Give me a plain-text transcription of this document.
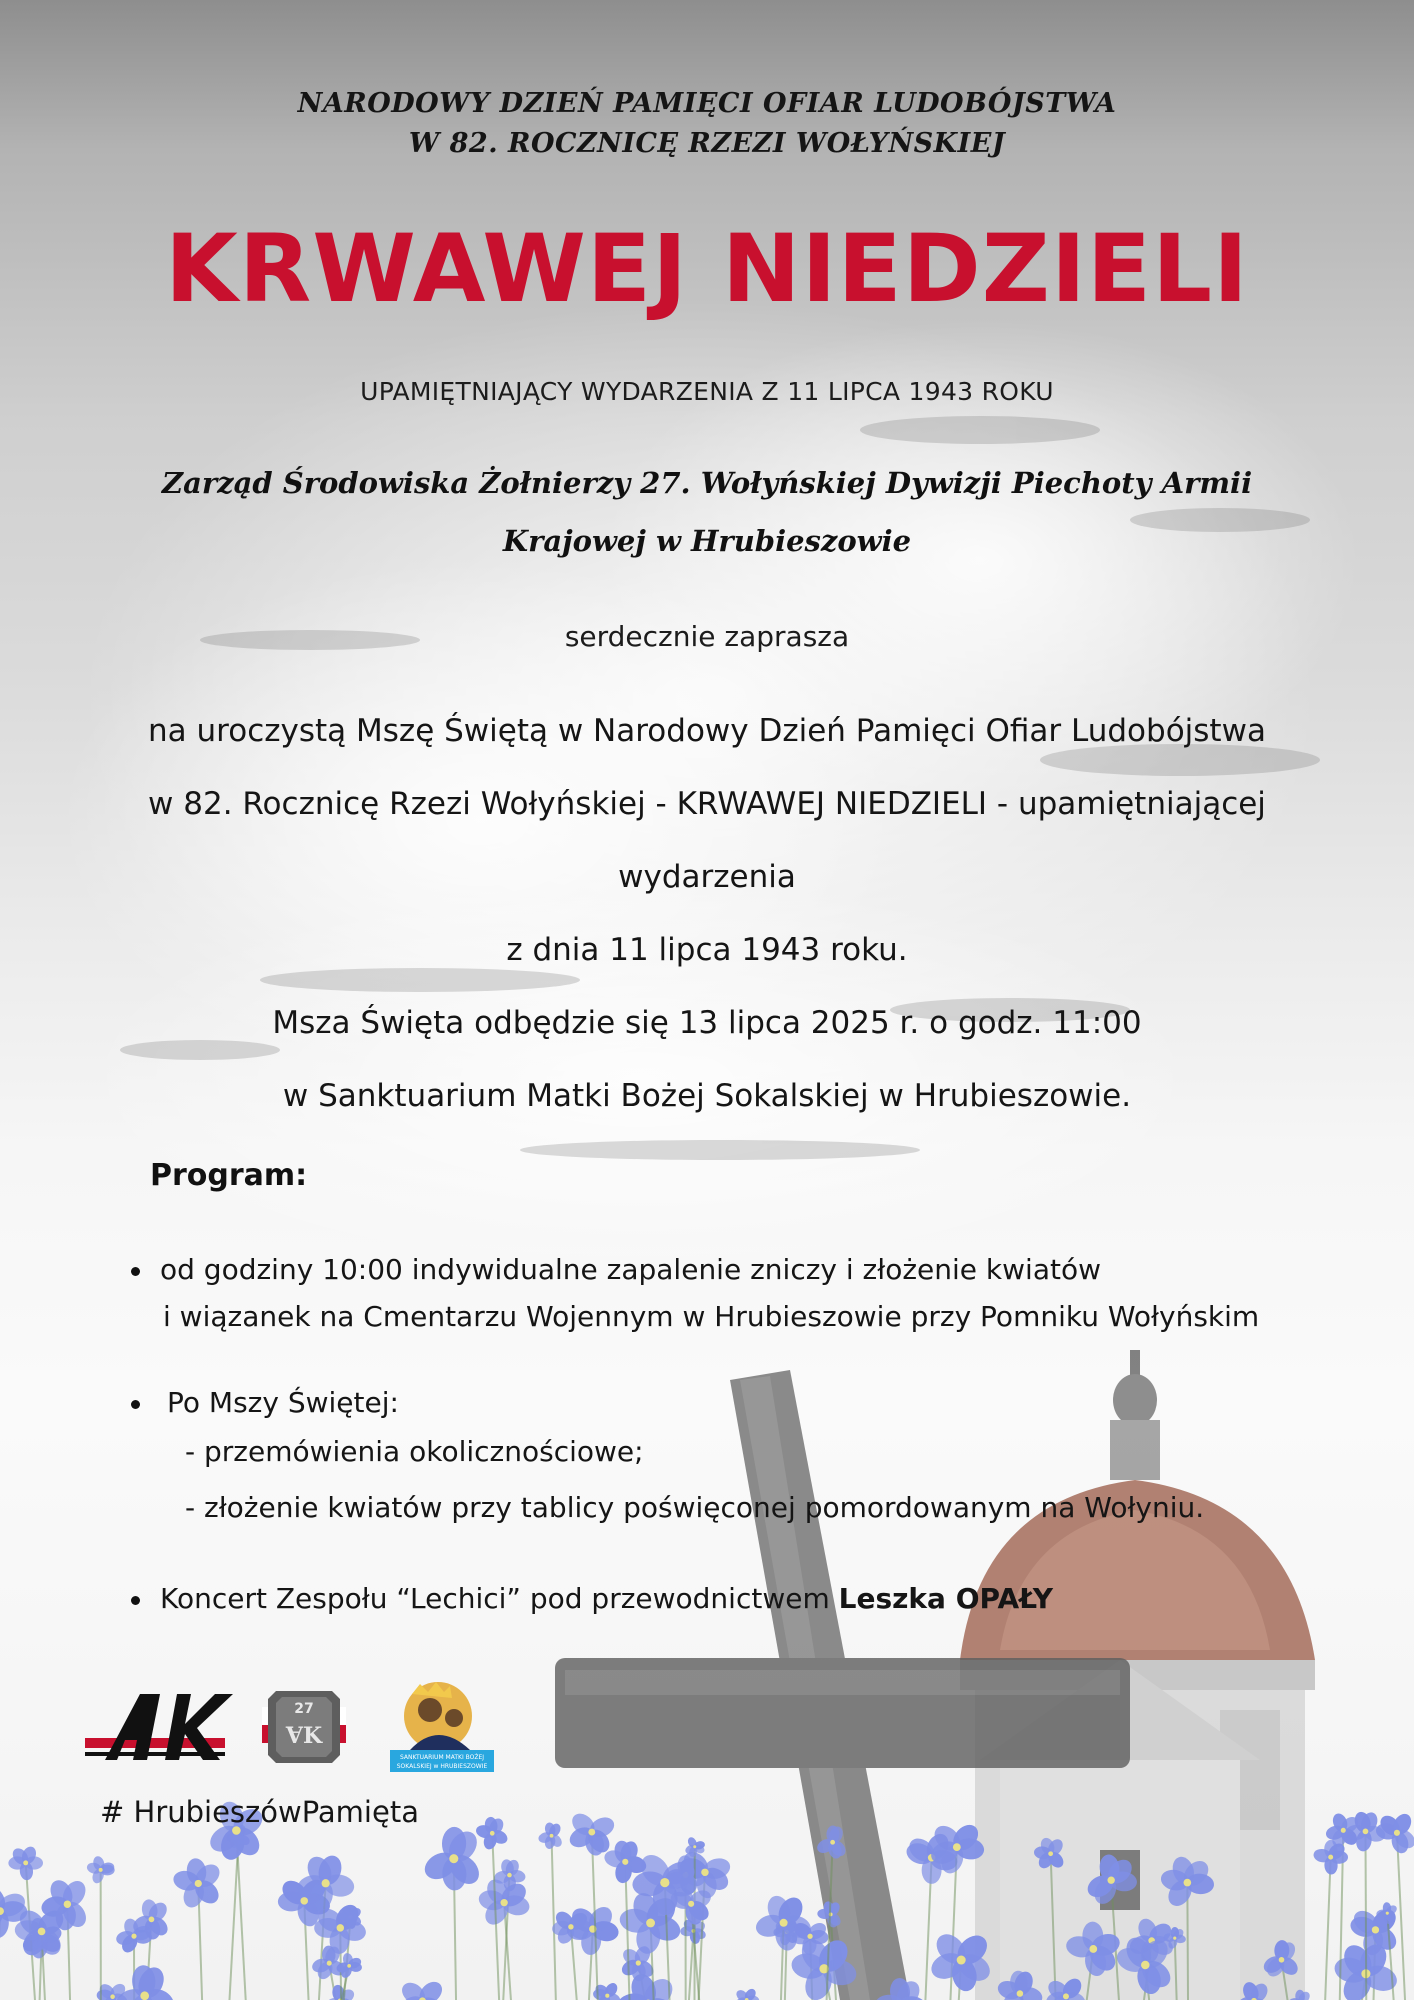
NARODOWY DZIEŃ PAMIĘCI OFIAR LUDOBÓJSTWA
W 82. ROCZNICĘ RZEZI WOŁYŃSKIEJ
KRWAWEJ NIEDZIELI
UPAMIĘTNIAJĄCY WYDARZENIA Z 11 LIPCA 1943 ROKU
Zarząd Środowiska Żołnierzy 27. Wołyńskiej Dywizji Piechoty Armii
Krajowej w Hrubieszowie
serdecznie zaprasza
na uroczystą Mszę Świętą w Narodowy Dzień Pamięci Ofiar Ludobójstwa
w 82. Rocznicę Rzezi Wołyńskiej - KRWAWEJ NIEDZIELI - upamiętniającej
wydarzenia
z dnia 11 lipca 1943 roku.
Msza Święta odbędzie się 13 lipca 2025 r. o godz. 11:00
w Sanktuarium Matki Bożej Sokalskiej w Hrubieszowie.
Program:
od godziny 10:00 indywidualne zapalenie zniczy i złożenie kwiatów
i wiązanek na Cmentarzu Wojennym w Hrubieszowie przy Pomniku Wołyńskim
Po Mszy Świętej:
- przemówienia okolicznościowe;
- złożenie kwiatów przy tablicy poświęconej pomordowanym na Wołyniu.
Koncert Zespołu “Lechici” pod przewodnictwem Leszka OPAŁY
27
ⱯK
SANKTUARIUM MATKI BOŻEJ
SOKALSKIEJ w HRUBIESZOWIE
# HrubieszówPamięta
